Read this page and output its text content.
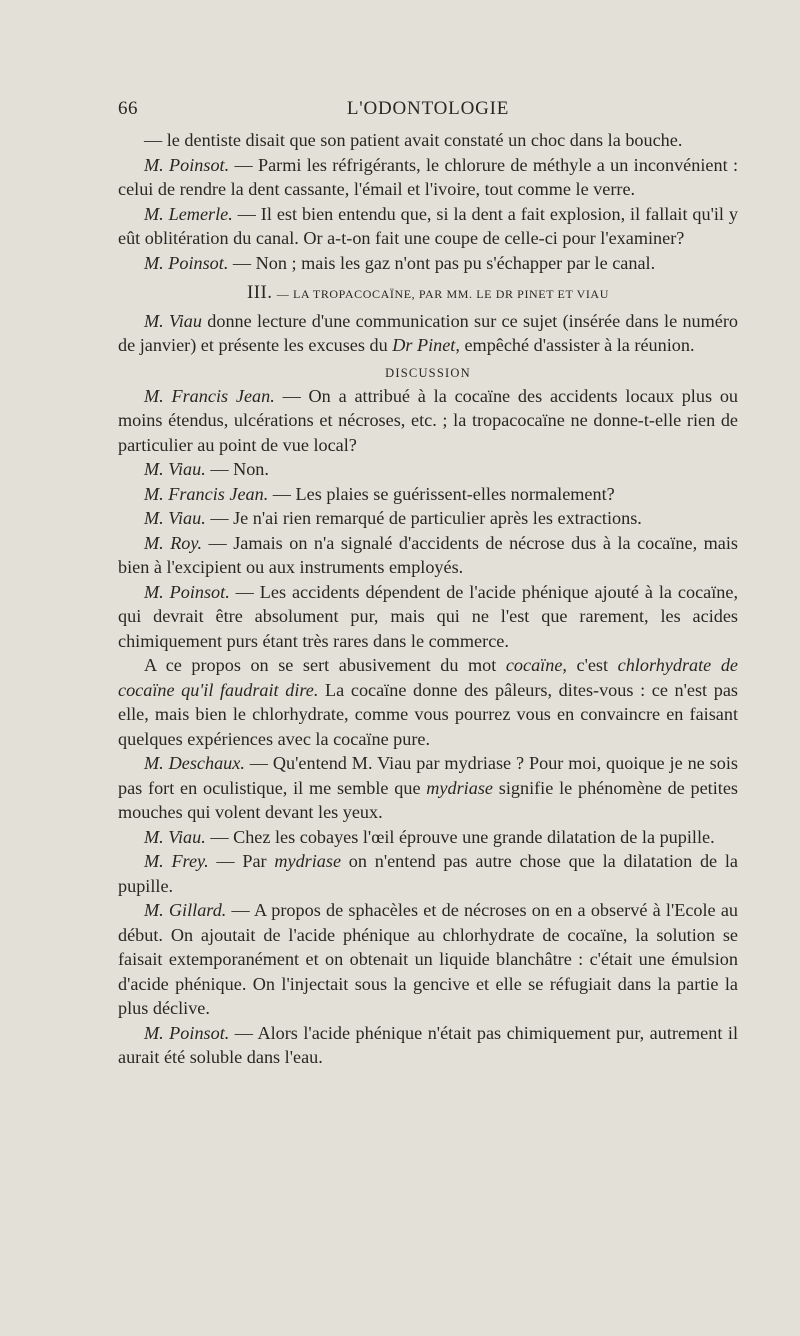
66	L'ODONTOLOGIE

— le dentiste disait que son patient avait constaté un choc dans la bouche.

M. Poinsot. — Parmi les réfrigérants, le chlorure de méthyle a un inconvénient : celui de rendre la dent cassante, l'émail et l'ivoire, tout comme le verre.

M. Lemerle. — Il est bien entendu que, si la dent a fait explosion, il fallait qu'il y eût oblitération du canal. Or a-t-on fait une coupe de celle-ci pour l'examiner?

M. Poinsot. — Non ; mais les gaz n'ont pas pu s'échapper par le canal.

III. — LA TROPACOCAÏNE, PAR MM. LE DR PINET ET VIAU

M. Viau donne lecture d'une communication sur ce sujet (insérée dans le numéro de janvier) et présente les excuses du Dr Pinet, empêché d'assister à la réunion.

DISCUSSION

M. Francis Jean. — On a attribué à la cocaïne des accidents locaux plus ou moins étendus, ulcérations et nécroses, etc. ; la tropacocaïne ne donne-t-elle rien de particulier au point de vue local?

M. Viau. — Non.

M. Francis Jean. — Les plaies se guérissent-elles normalement?

M. Viau. — Je n'ai rien remarqué de particulier après les extractions.

M. Roy. — Jamais on n'a signalé d'accidents de nécrose dus à la cocaïne, mais bien à l'excipient ou aux instruments employés.

M. Poinsot. — Les accidents dépendent de l'acide phénique ajouté à la cocaïne, qui devrait être absolument pur, mais qui ne l'est que rarement, les acides chimiquement purs étant très rares dans le commerce.

A ce propos on se sert abusivement du mot cocaïne, c'est chlorhydrate de cocaïne qu'il faudrait dire. La cocaïne donne des pâleurs, dites-vous : ce n'est pas elle, mais bien le chlorhydrate, comme vous pourrez vous en convaincre en faisant quelques expériences avec la cocaïne pure.

M. Deschaux. — Qu'entend M. Viau par mydriase ? Pour moi, quoique je ne sois pas fort en oculistique, il me semble que mydriase signifie le phénomène de petites mouches qui volent devant les yeux.

M. Viau. — Chez les cobayes l'œil éprouve une grande dilatation de la pupille.

M. Frey. — Par mydriase on n'entend pas autre chose que la dilatation de la pupille.

M. Gillard. — A propos de sphacèles et de nécroses on en a observé à l'Ecole au début. On ajoutait de l'acide phénique au chlorhydrate de cocaïne, la solution se faisait extemporanément et on obtenait un liquide blanchâtre : c'était une émulsion d'acide phénique. On l'injectait sous la gencive et elle se réfugiait dans la partie la plus déclive.

M. Poinsot. — Alors l'acide phénique n'était pas chimiquement pur, autrement il aurait été soluble dans l'eau.
